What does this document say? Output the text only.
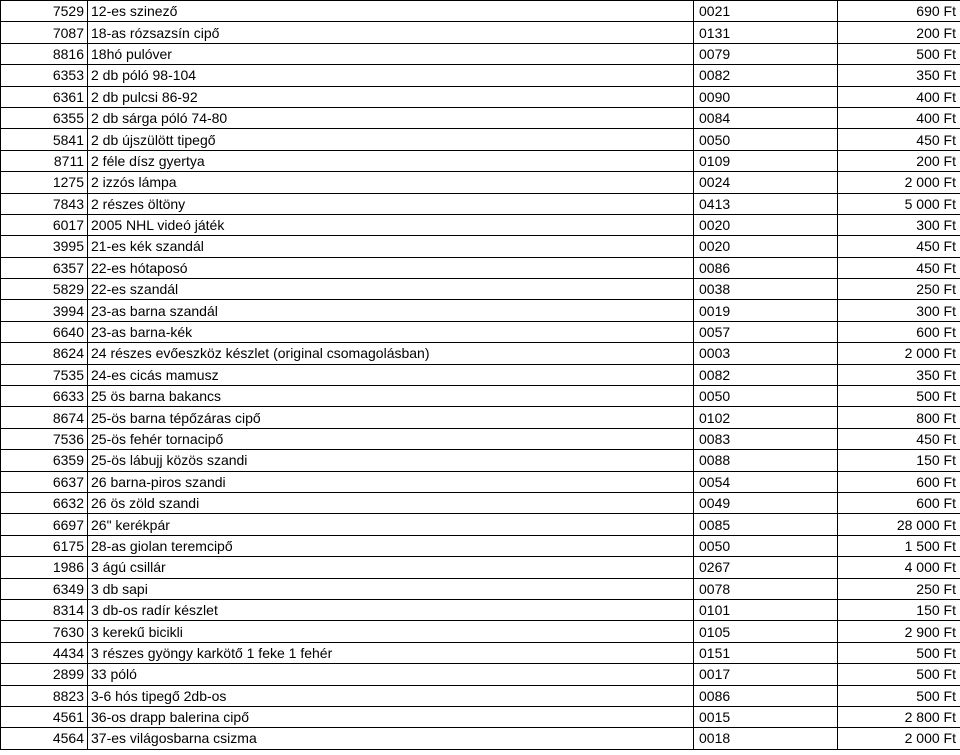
7529	12-es szinező	0021	690 Ft
7087	18-as rózsazsín cipő	0131	200 Ft
8816	18hó pulóver	0079	500 Ft
6353	2 db póló 98-104	0082	350 Ft
6361	2 db pulcsi 86-92	0090	400 Ft
6355	2 db sárga póló 74-80	0084	400 Ft
5841	2 db újszülött tipegő	0050	450 Ft
8711	2 féle dísz gyertya	0109	200 Ft
1275	2 izzós lámpa	0024	2 000 Ft
7843	2 részes öltöny	0413	5 000 Ft
6017	2005 NHL videó játék	0020	300 Ft
3995	21-es kék szandál	0020	450 Ft
6357	22-es hótaposó	0086	450 Ft
5829	22-es szandál	0038	250 Ft
3994	23-as barna szandál	0019	300 Ft
6640	23-as barna-kék	0057	600 Ft
8624	24 részes evőeszköz készlet (original csomagolásban)	0003	2 000 Ft
7535	24-es cicás mamusz	0082	350 Ft
6633	25 ös barna bakancs	0050	500 Ft
8674	25-ös barna tépőzáras cipő	0102	800 Ft
7536	25-ös fehér tornacipő	0083	450 Ft
6359	25-ös lábujj közös szandi	0088	150 Ft
6637	26 barna-piros szandi	0054	600 Ft
6632	26 ös zöld szandi	0049	600 Ft
6697	26" kerékpár	0085	28 000 Ft
6175	28-as giolan teremcipő	0050	1 500 Ft
1986	3 ágú csillár	0267	4 000 Ft
6349	3 db sapi	0078	250 Ft
8314	3 db-os radír készlet	0101	150 Ft
7630	3 kerekű bicikli	0105	2 900 Ft
4434	3 részes gyöngy karkötő 1 feke 1 fehér	0151	500 Ft
2899	33 póló	0017	500 Ft
8823	3-6 hós tipegő 2db-os	0086	500 Ft
4561	36-os drapp balerina cipő	0015	2 800 Ft
4564	37-es világosbarna csizma	0018	2 000 Ft
